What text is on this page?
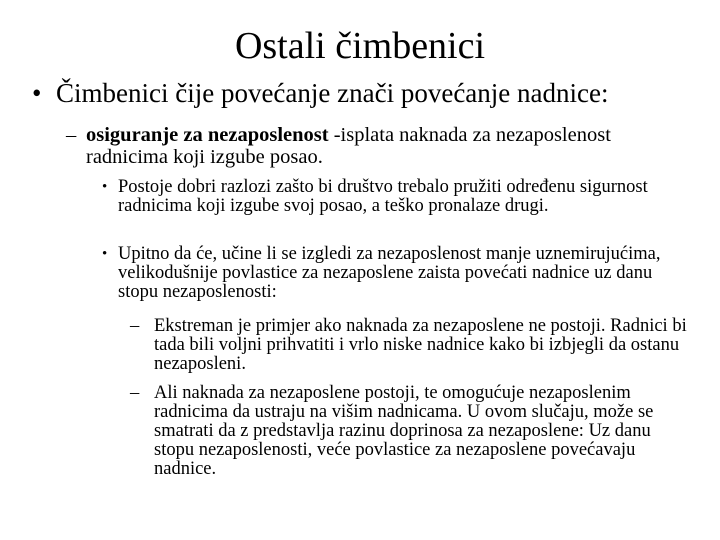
Ostali čimbenici
• Čimbenici čije povećanje znači povećanje nadnice:
– osiguranje za nezaposlenost -isplata naknada za nezaposlenost radnicima koji izgube posao.
• Postoje dobri razlozi zašto bi društvo trebalo pružiti određenu sigurnost radnicima koji izgube svoj posao, a teško pronalaze drugi.
• Upitno da će, učine li se izgledi za nezaposlenost manje uznemirujućima, velikodušnije povlastice za nezaposlene zaista povećati nadnice uz danu stopu nezaposlenosti:
– Ekstreman je primjer ako naknada za nezaposlene ne postoji. Radnici bi tada bili voljni prihvatiti i vrlo niske nadnice kako bi izbjegli da ostanu nezaposleni.
– Ali naknada za nezaposlene postoji, te omogućuje nezaposlenim radnicima da ustraju na višim nadnicama. U ovom slučaju, može se smatrati da z predstavlja razinu doprinosa za nezaposlene: Uz danu stopu nezaposlenosti, veće povlastice za nezaposlene povećavaju nadnice.
